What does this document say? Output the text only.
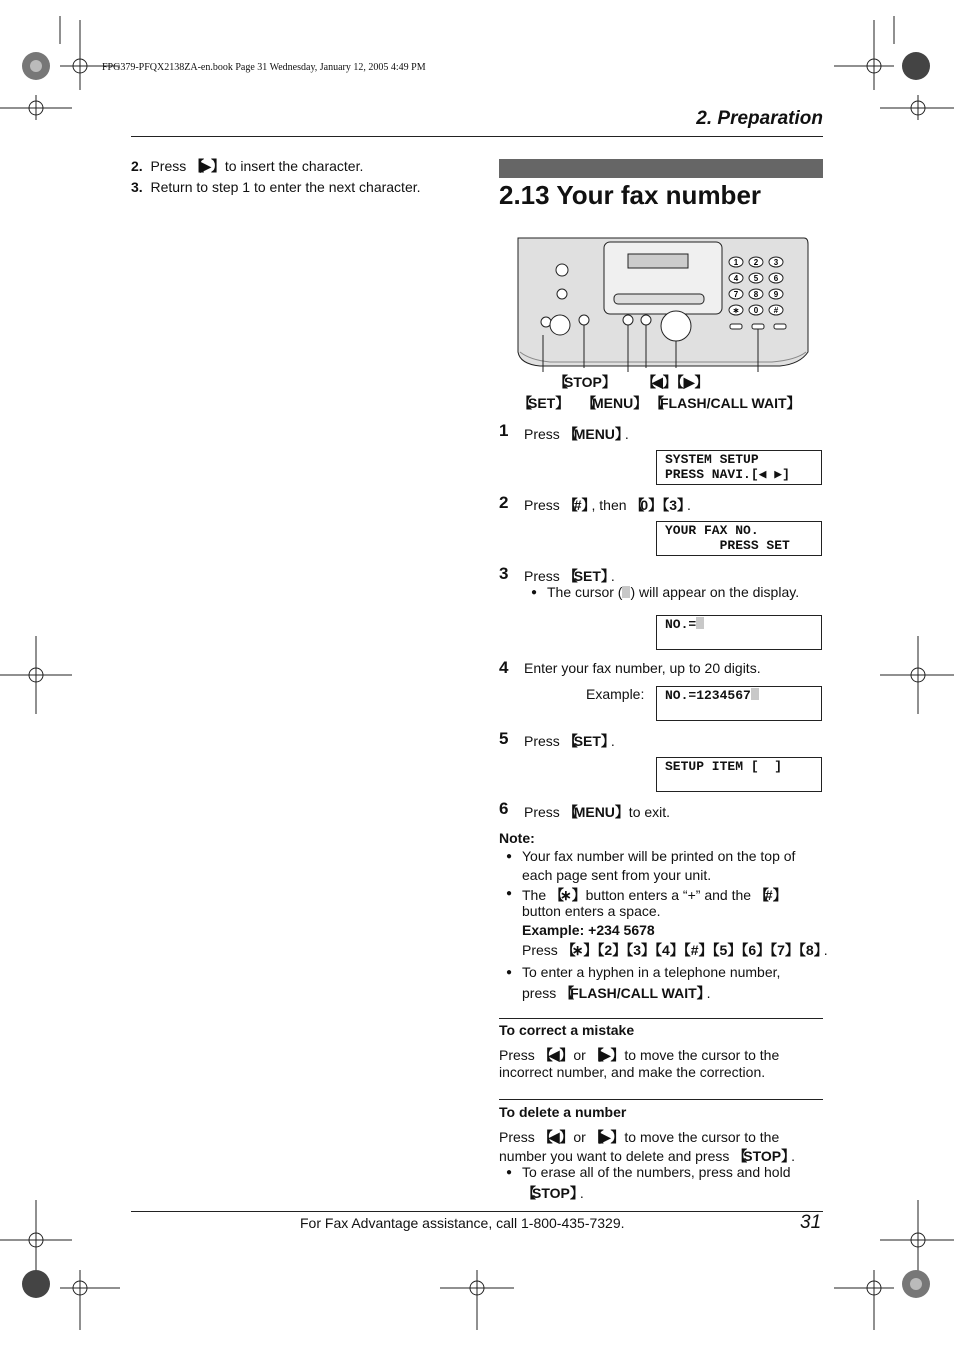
FPG379-PFQX2138ZA-en.book Page 31 Wednesday, January 12, 2005 4:49 PM
2. Preparation
2. Press 【 ▶ 】 to insert the character.
3. Return to step 1 to enter the next character.	2.13 Your fax number
1 2 3
4 5 6
7 8 9
∗ 0 #
【 STOP 】	【 ◀】【▶ 】
【 SET 】	【 MENU 】	【 FLASH/CALL WAIT 】
1 Press 【 MENU 】 .
SYSTEM SETUP
PRESS NAVI.[◀ ▶]
2 Press 【 # 】 , then 【 0】【3 】 .
YOUR FAX NO.
PRESS SET
3 Press 【 SET 】 .
● The cursor ( ) will appear on the display.
NO.=
4 Enter your fax number, up to 20 digits.
Example:	NO.=1234567
5 Press 【 SET 】 .
SETUP ITEM [  ]
6 Press 【 MENU 】 to exit.
Note:
● Your fax number will be printed on the top of
each page sent from your unit.
● The 【 ∗ 】 button enters a “+” and the 【 # 】
button enters a space.
Example: +234 5678
Press 【 ∗】【2】【3】【4】【#】【5】【6】【7】【8 】 .
● To enter a hyphen in a telephone number,
press 【 FLASH/CALL WAIT 】 .
To correct a mistake
Press 【 ◀ 】 or 【 ▶ 】 to move the cursor to the
incorrect number, and make the correction.
To delete a number
Press 【 ◀ 】 or 【 ▶ 】 to move the cursor to the
number you want to delete and press 【 STOP 】 .
● To erase all of the numbers, press and hold
【 STOP 】 .
For Fax Advantage assistance, call 1-800-435-7329.	31
